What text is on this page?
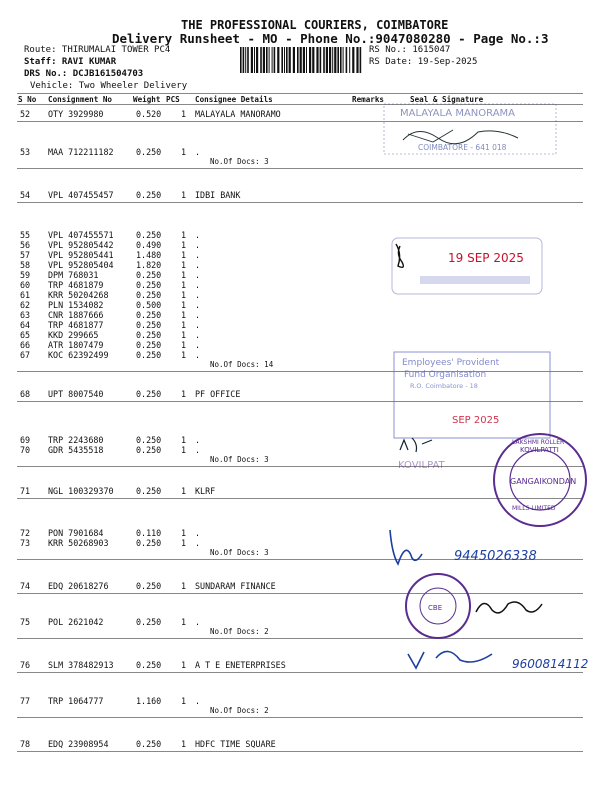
THE PROFESSIONAL COURIERS, COIMBATORE
Delivery Runsheet - MO - Phone No.:9047080280 - Page No.:3
Route: THIRUMALAI TOWER PC4
Staff: RAVI KUMAR
DRS No.: DCJB161504703
Vehicle: Two Wheeler Delivery
RS No.: 1615047
RS Date: 19-Sep-2025
S No Consignment No	Weight PCS Consignee Details	Remarks	Seal & Signature
52 OTY 3929980	0.520 1 MALAYALA MANORAMO
53 MAA 712211182	0.250 1 .
No.Of Docs: 3
54 VPL 407455457	0.250 1 IDBI BANK
55 VPL 407455571	0.250 1 .
56 VPL 952805442	0.490 1 .
57 VPL 952805441	1.480 1 .
58 VPL 952805404	1.820 1 .
59 DPM 768031	0.250 1 .
60 TRP 4681879	0.250 1 .
61 KRR 50204268	0.250 1 .
62 PLN 1534082	0.500 1 .
63 CNR 1887666	0.250 1 .
64 TRP 4681877	0.250 1 .
65 KKD 299665	0.250 1 .
66 ATR 1807479	0.250 1 .
67 KOC 62392499	0.250 1 .
No.Of Docs: 14
68 UPT 8007540	0.250 1 PF OFFICE
69 TRP 2243680	0.250 1 .
70 GDR 5435518	0.250 1 .
No.Of Docs: 3
71 NGL 100329370	0.250 1 KLRF
72 PON 7901684	0.110 1 .
73 KRR 50268903	0.250 1 .
No.Of Docs: 3
74 EDQ 20618276	0.250 1 SUNDARAM FINANCE
75 POL 2621042	0.250 1 .
No.Of Docs: 2
76 SLM 378482913	0.250 1 A T E ENETERPRISES
77 TRP 1064777	1.160 1 .
No.Of Docs: 2
78 EDQ 23908954	0.250 1 HDFC TIME SQUARE
MALAYALA MANORAMA
COIMBATORE - 641 018
19 SEP 2025
Employees' Provident
Fund Organisation
R.O. Coimbatore - 18
SEP 2025
KOVILPAT
KOVILPATTI
MILLS LIMITED
LAKSHMI ROLLER
GANGAIKONDAN
9445026338
CBE
9600814112
